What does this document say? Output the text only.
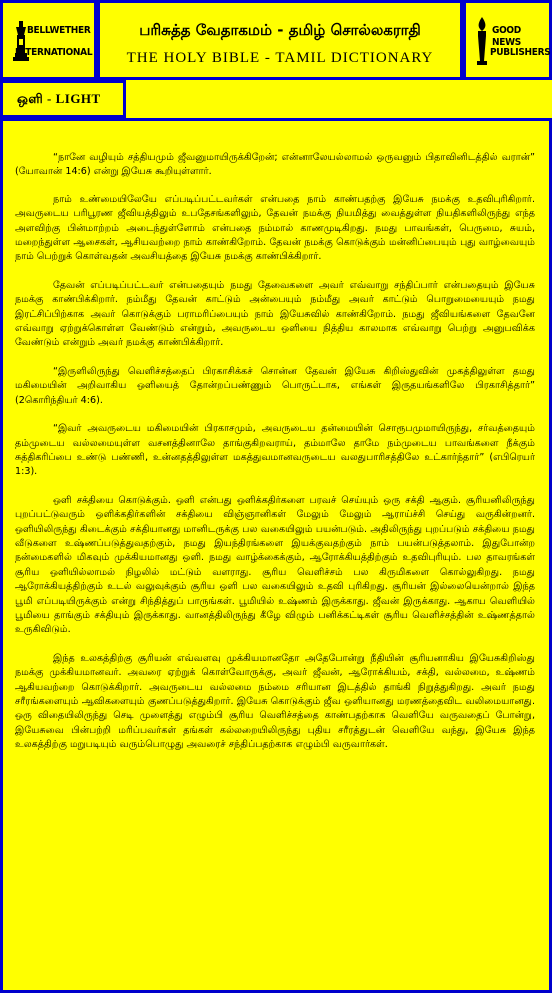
BELLWETHER
INTERNATIONAL
பரிசுத்த வேதாகமம் - தமிழ் சொல்லகராதி
THE HOLY BIBLE - TAMIL DICTIONARY
GOOD NEWS
PUBLISHERS
ஒளி - LIGHT

“நானே வழியும் சத்தியமும் ஜீவனுமாயிருக்கிறேன்; என்னாலேயல்லாமல் ஒருவனும் பிதாவினிடத்தில் வரான்” (யோவான் 14:6) என்று இயேசு கூறியுள்ளார்.

நாம் உண்மையிலேயே எப்படிப்பட்டவர்கள் என்பதை நாம் காண்பதற்கு இயேசு நமக்கு உதவிபுரிகிறார். அவருடைய பரிபூரண ஜீவியத்திலும் உபதேசங்களிலும், தேவன் நமக்கு நியமித்து வைத்துள்ள நியதிகளிலிருந்து எந்த அளவிற்கு பின்மாற்றம் அடைந்துள்ளோம் என்பதை நம்மால் காணமுடிகிறது. நமது பாவங்கள், பெருமை, சுயம், மறைந்துள்ள ஆசைகள், ஆசியவற்றை நாம் காண்கிறோம். தேவன் நமக்கு கொடுக்கும் மன்னிப்பையும் புது வாழ்வையும் நாம் பெற்றுக் கொள்வதன் அவசியத்தை இயேசு நமக்கு காண்பிக்கிறார்.

தேவன் எப்படிப்பட்டவர் என்பதையும் நமது தேவைகளை அவர் எவ்வாறு சந்திப்பார் என்பதையும் இயேசு நமக்கு காண்பிக்கிறார். நம்மீது தேவன் காட்டும் அன்பையும் நம்மீது அவர் காட்டும் பொறுமையையும் நமது இரட்சிப்பிற்காக அவர் கொடுக்கும் பராமரிப்பையும் நாம் இயேசுவில் காண்கிறோம். நமது ஜீவியங்களை தேவனே எவ்வாறு ஏற்றுக்கொள்ள வேண்டும் என்றும், அவருடைய ஒளியை நித்திய காலமாக எவ்வாறு பெற்று அனுபவிக்க வேண்டும் என்றும் அவர் நமக்கு காண்பிக்கிறார்.

“இருளிலிருந்து வெளிச்சத்தைப் பிரகாசிக்கச் சொன்ன தேவன் இயேசு கிறிஸ்துவின் முகத்திலுள்ள தமது மகிமையின் அறிவாகிய ஒளியைத் தோன்றப்பண்ணும் பொருட்டாக, எங்கள் இருதயங்களிலே பிரகாசித்தார்” (2கொரிந்தியர் 4:6).

“இவர் அவருடைய மகிமையின் பிரகாசமும், அவருடைய தன்மையின் சொரூபமுமாயிருந்து, சர்வத்தையும் தம்முடைய வல்லமையுள்ள வசனத்தினாலே தாங்குகிறவராய், தம்மாலே தாமே நம்முடைய பாவங்களை நீக்கும் சுத்திகரிப்பை உண்டு பண்ணி, உன்னதத்திலுள்ள மகத்துவமானவருடைய வலதுபாரிசத்திலே உட்கார்ந்தார்” (எபிரெயர் 1:3).

ஒளி சக்தியை கொடுக்கும். ஒளி என்பது ஒளிக்கதிர்களை பரவச் செய்யும் ஒரு சக்தி ஆகும். சூரியனிலிருந்து புறப்பட்டுவரும் ஒளிக்கதிர்களின் சக்தியை விஞ்ஞானிகள் மேலும் மேலும் ஆராய்ச்சி செய்து வருகின்றனர். ஒளியிலிருந்து கிடைக்கும் சக்தியானது மானிடருக்கு பல வகையிலும் பயன்படும். அதிலிருந்து புறப்படும் சக்தியை நமது வீடுகளை உஷ்ணப்படுத்துவதற்கும், நமது இயந்திரங்களை இயக்குவதற்கும் நாம் பயன்படுத்தலாம். இதுபோன்ற நன்மைகளில் மிகவும் முக்கியமானது ஒளி. நமது வாழ்க்கைக்கும், ஆரோக்கியத்திற்கும் உதவிபுரியும். பல தாவரங்கள் சூரிய ஒளியில்லாமல் நிழலில் மட்டும் வளராது. சூரிய வெளிச்சம் பல கிருமிகளை கொல்லுகிறது. நமது ஆரோக்கியத்திற்கும் உடல் வலுவுக்கும் சூரிய ஒளி பல வகையிலும் உதவி புரிகிறது. சூரியன் இல்லையென்றால் இந்த பூமி எப்படியிருக்கும் என்று சிந்தித்துப் பாருங்கள். பூமியில் உஷ்ணம் இருக்காது. ஜீவன் இருக்காது. ஆகாய வெளியில் பூமியை தாங்கும் சக்தியும் இருக்காது. வானத்திலிருந்து கீழே விழும் பனிக்கட்டிகள் சூரிய வெளிச்சத்தின் உஷ்ணத்தால் உருகிவிடும்.

இந்த உலகத்திற்கு சூரியன் எவ்வளவு முக்கியமானதோ அதேபோன்று நீதியின் சூரியனாகிய இயேசுகிறிஸ்து நமக்கு முக்கியமானவர். அவரை ஏற்றுக் கொள்வோருக்கு, அவர் ஜீவன், ஆரோக்கியம், சக்தி, வல்லமை, உஷ்ணம் ஆகியவற்றை கொடுக்கிறார். அவருடைய வல்லமை நம்மை சரியான இடத்தில் தாங்கி நிறுத்துகிறது. அவர் நமது சரீரங்களையும் ஆவிகளையும் குணப்படுத்துகிறார். இயேசு கொடுக்கும் ஜீவ ஒளியானது மரணத்தைவிட வலிமையானது. ஒரு விதையிலிருந்து செடி முளைத்து எழும்பி சூரிய வெளிச்சத்தை காண்பதற்காக வெளியே வருவதைப் போன்று, இயேசுவை பின்பற்றி மரிப்பவர்கள் தங்கள் கல்லறையிலிருந்து புதிய சரீரத்துடன் வெளியே வந்து, இயேசு இந்த உலகத்திற்கு மறுபடியும் வரும்பொழுது அவரைச் சந்திப்பதற்காக எழும்பி வருவார்கள்.
